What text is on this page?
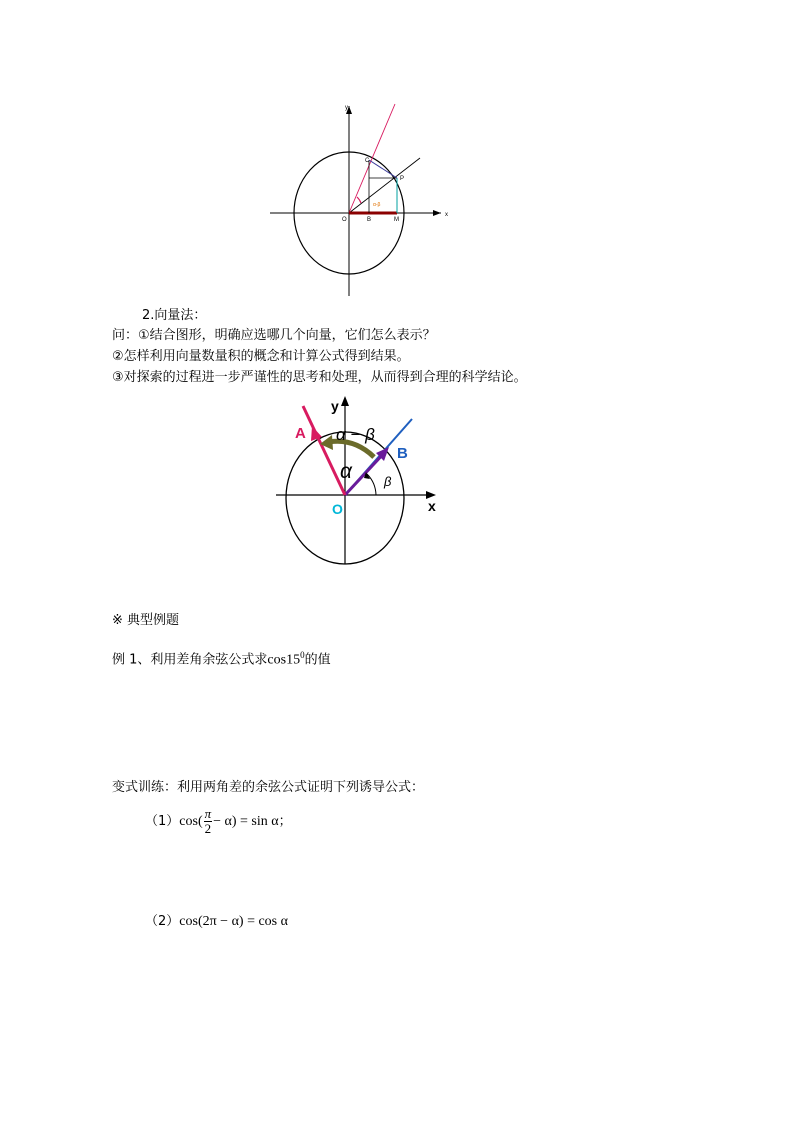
x
y
O	B	M
P
C
α-β
2.向量法：
问：①结合图形，明确应选哪几个向量，它们怎么表示？
②怎样利用向量数量积的概念和计算公式得到结果。
③对探索的过程进一步严谨性的思考和处理，从而得到合理的科学结论。
y
x
O
A
B
α − β
α β
※ 典型例题
例 1、利用差角余弦公式求$\cos 15^0$的值
变式训练：利用两角差的余弦公式证明下列诱导公式：
$(1)\cos( \frac{\pi}{2} - \alpha) = \sin \alpha$；
（2）cos(2π − α) = cos α
